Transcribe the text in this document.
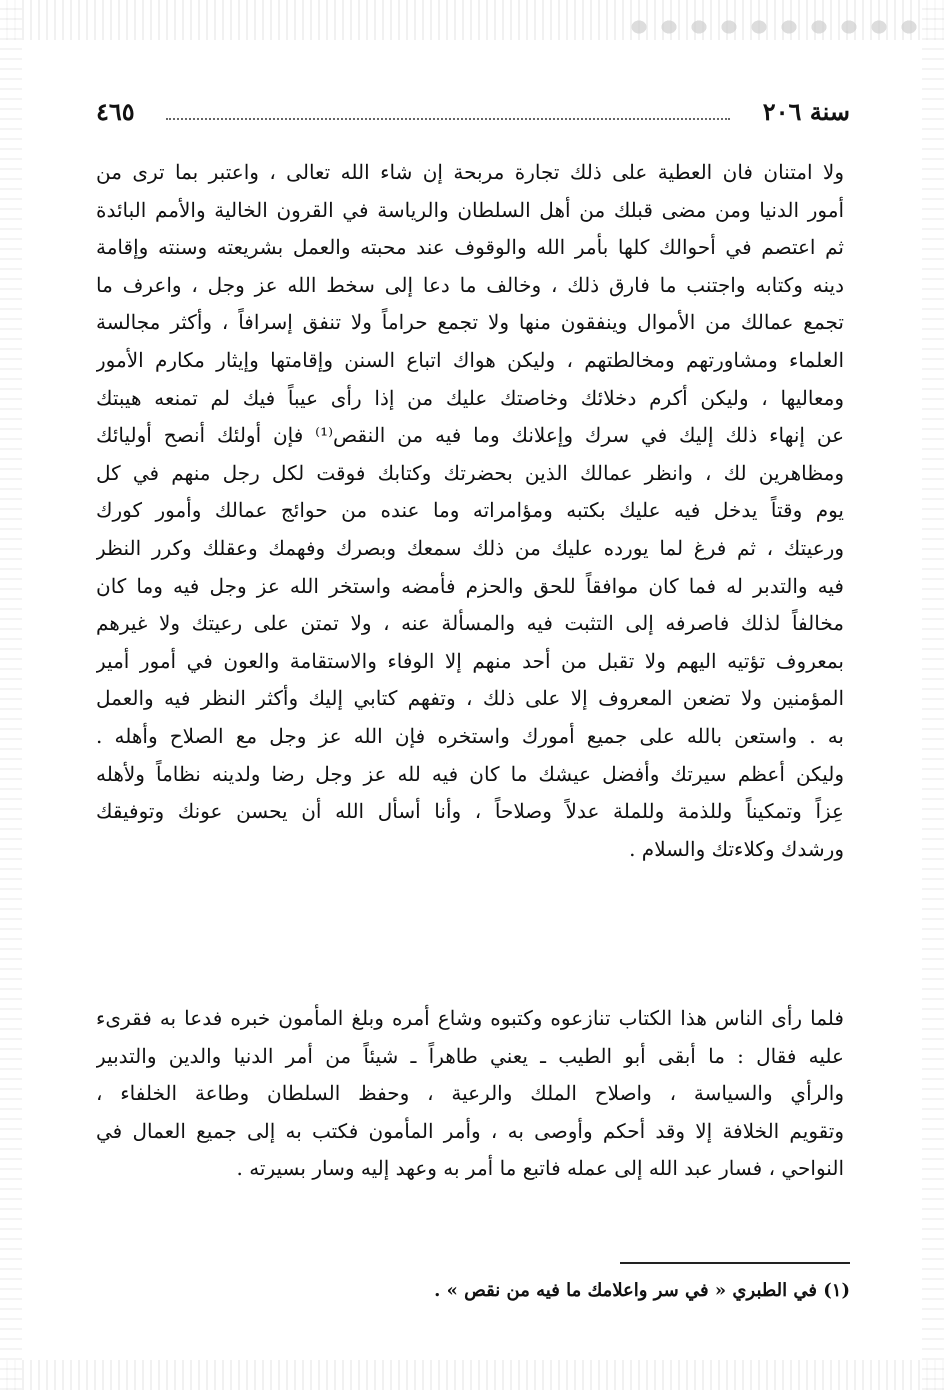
سنة ٢٠٦
٤٦٥
ولا امتنان فان العطية على ذلك تجارة مربحة إن شاء الله تعالى ، واعتبر بما ترى من
أمور الدنيا ومن مضى قبلك من أهل السلطان والرياسة في القرون الخالية والأمم البائدة
ثم اعتصم في أحوالك كلها بأمر الله والوقوف عند محبته والعمل بشريعته وسنته وإقامة
دينه وكتابه واجتنب ما فارق ذلك ، وخالف ما دعا إلى سخط الله عز وجل ، واعرف ما
تجمع عمالك من الأموال وينفقون منها ولا تجمع حراماً ولا تنفق إسرافاً ، وأكثر مجالسة
العلماء ومشاورتهم ومخالطتهم ، وليكن هواك اتباع السنن وإقامتها وإيثار مكارم الأمور
ومعاليها ، وليكن أكرم دخلائك وخاصتك عليك من إذا رأى عيباً فيك لم تمنعه هيبتك
عن إنهاء ذلك إليك في سرك وإعلانك وما فيه من النقص⁽¹⁾ فإن أولئك أنصح أوليائك
ومظاهرين لك ، وانظر عمالك الذين بحضرتك وكتابك فوقت لكل رجل منهم في كل
يوم وقتاً يدخل فيه عليك بكتبه ومؤامراته وما عنده من حوائج عمالك وأمور كورك
ورعيتك ، ثم فرغ لما يورده عليك من ذلك سمعك وبصرك وفهمك وعقلك وكرر النظر
فيه والتدبر له فما كان موافقاً للحق والحزم فأمضه واستخر الله عز وجل فيه وما كان
مخالفاً لذلك فاصرفه إلى التثبت فيه والمسألة عنه ، ولا تمتن على رعيتك ولا غيرهم
بمعروف تؤتيه اليهم ولا تقبل من أحد منهم إلا الوفاء والاستقامة والعون في أمور أمير
المؤمنين ولا تضعن المعروف إلا على ذلك ، وتفهم كتابي إليك وأكثر النظر فيه والعمل
به . واستعن بالله على جميع أمورك واستخره فإن الله عز وجل مع الصلاح وأهله .
وليكن أعظم سيرتك وأفضل عيشك ما كان فيه لله عز وجل رضا ولدينه نظاماً ولأهله
عِزاً وتمكيناً وللذمة وللملة عدلاً وصلاحاً ، وأنا أسأل الله أن يحسن عونك وتوفيقك
ورشدك وكلاءتك والسلام .
فلما رأى الناس هذا الكتاب تنازعوه وكتبوه وشاع أمره وبلغ المأمون خبره فدعا به فقرىء
عليه فقال : ما أبقى أبو الطيب ـ يعني طاهراً ـ شيئاً من أمر الدنيا والدين والتدبير
والرأي والسياسة ، واصلاح الملك والرعية ، وحفظ السلطان وطاعة الخلفاء ،
وتقويم الخلافة إلا وقد أحكم وأوصى به ، وأمر المأمون فكتب به إلى جميع العمال في
النواحي ، فسار عبد الله إلى عمله فاتبع ما أمر به وعهد إليه وسار بسيرته .
(١) في الطبري « في سر واعلامك ما فيه من نقص » .
